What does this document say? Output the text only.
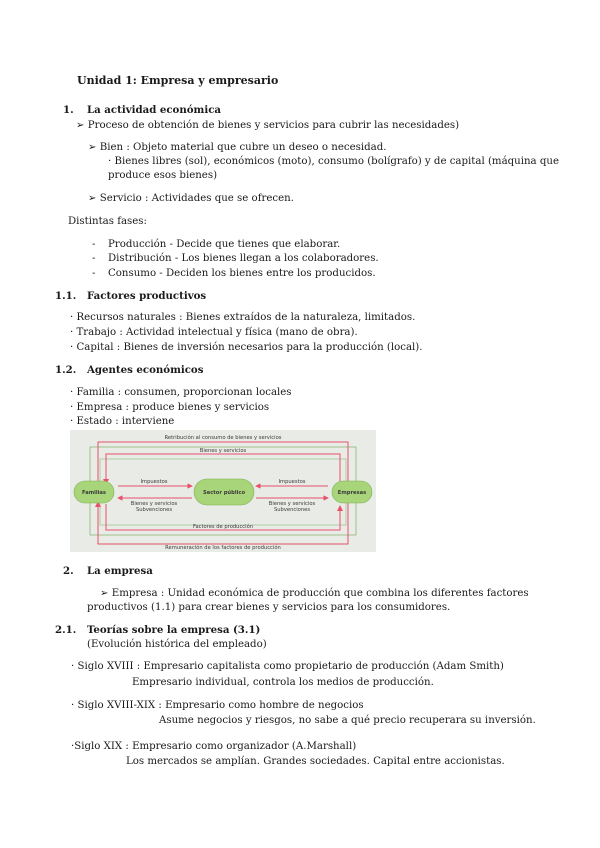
Unidad 1: Empresa y empresario
1. La actividad económica
➢ Proceso de obtención de bienes y servicios para cubrir las necesidades)
➢ Bien : Objeto material que cubre un deseo o necesidad.
· Bienes libres (sol), económicos (moto), consumo (bolígrafo) y de capital (máquina que
produce esos bienes)
➢ Servicio : Actividades que se ofrecen.
Distintas fases:
- Producción - Decide que tienes que elaborar.
- Distribución - Los bienes llegan a los colaboradores.
- Consumo - Deciden los bienes entre los producidos.
1.1. Factores productivos
· Recursos naturales : Bienes extraídos de la naturaleza, limitados.
· Trabajo : Actividad intelectual y física (mano de obra).
· Capital : Bienes de inversión necesarios para la producción (local).
1.2. Agentes económicos
· Familia : consumen, proporcionan locales
· Empresa : produce bienes y servicios
· Estado : interviene
Retribución al consumo de bienes y servicios
Bienes y servicios
Factores de producción
Remuneración de los factores de producción
Familias	Sector público	Empresas
Impuestos
Bienes y servicios
Subvenciones
Impuestos
Bienes y servicios
Subvenciones
2. La empresa
➢ Empresa : Unidad económica de producción que combina los diferentes factores
productivos (1.1) para crear bienes y servicios para los consumidores.
2.1. Teorías sobre la empresa (3.1)
(Evolución histórica del empleado)
· Siglo XVIII : Empresario capitalista como propietario de producción (Adam Smith)
Empresario individual, controla los medios de producción.
· Siglo XVIII-XIX : Empresario como hombre de negocios
Asume negocios y riesgos, no sabe a qué precio recuperara su inversión.
·Siglo XIX : Empresario como organizador (A.Marshall)
Los mercados se amplían. Grandes sociedades. Capital entre accionistas.
